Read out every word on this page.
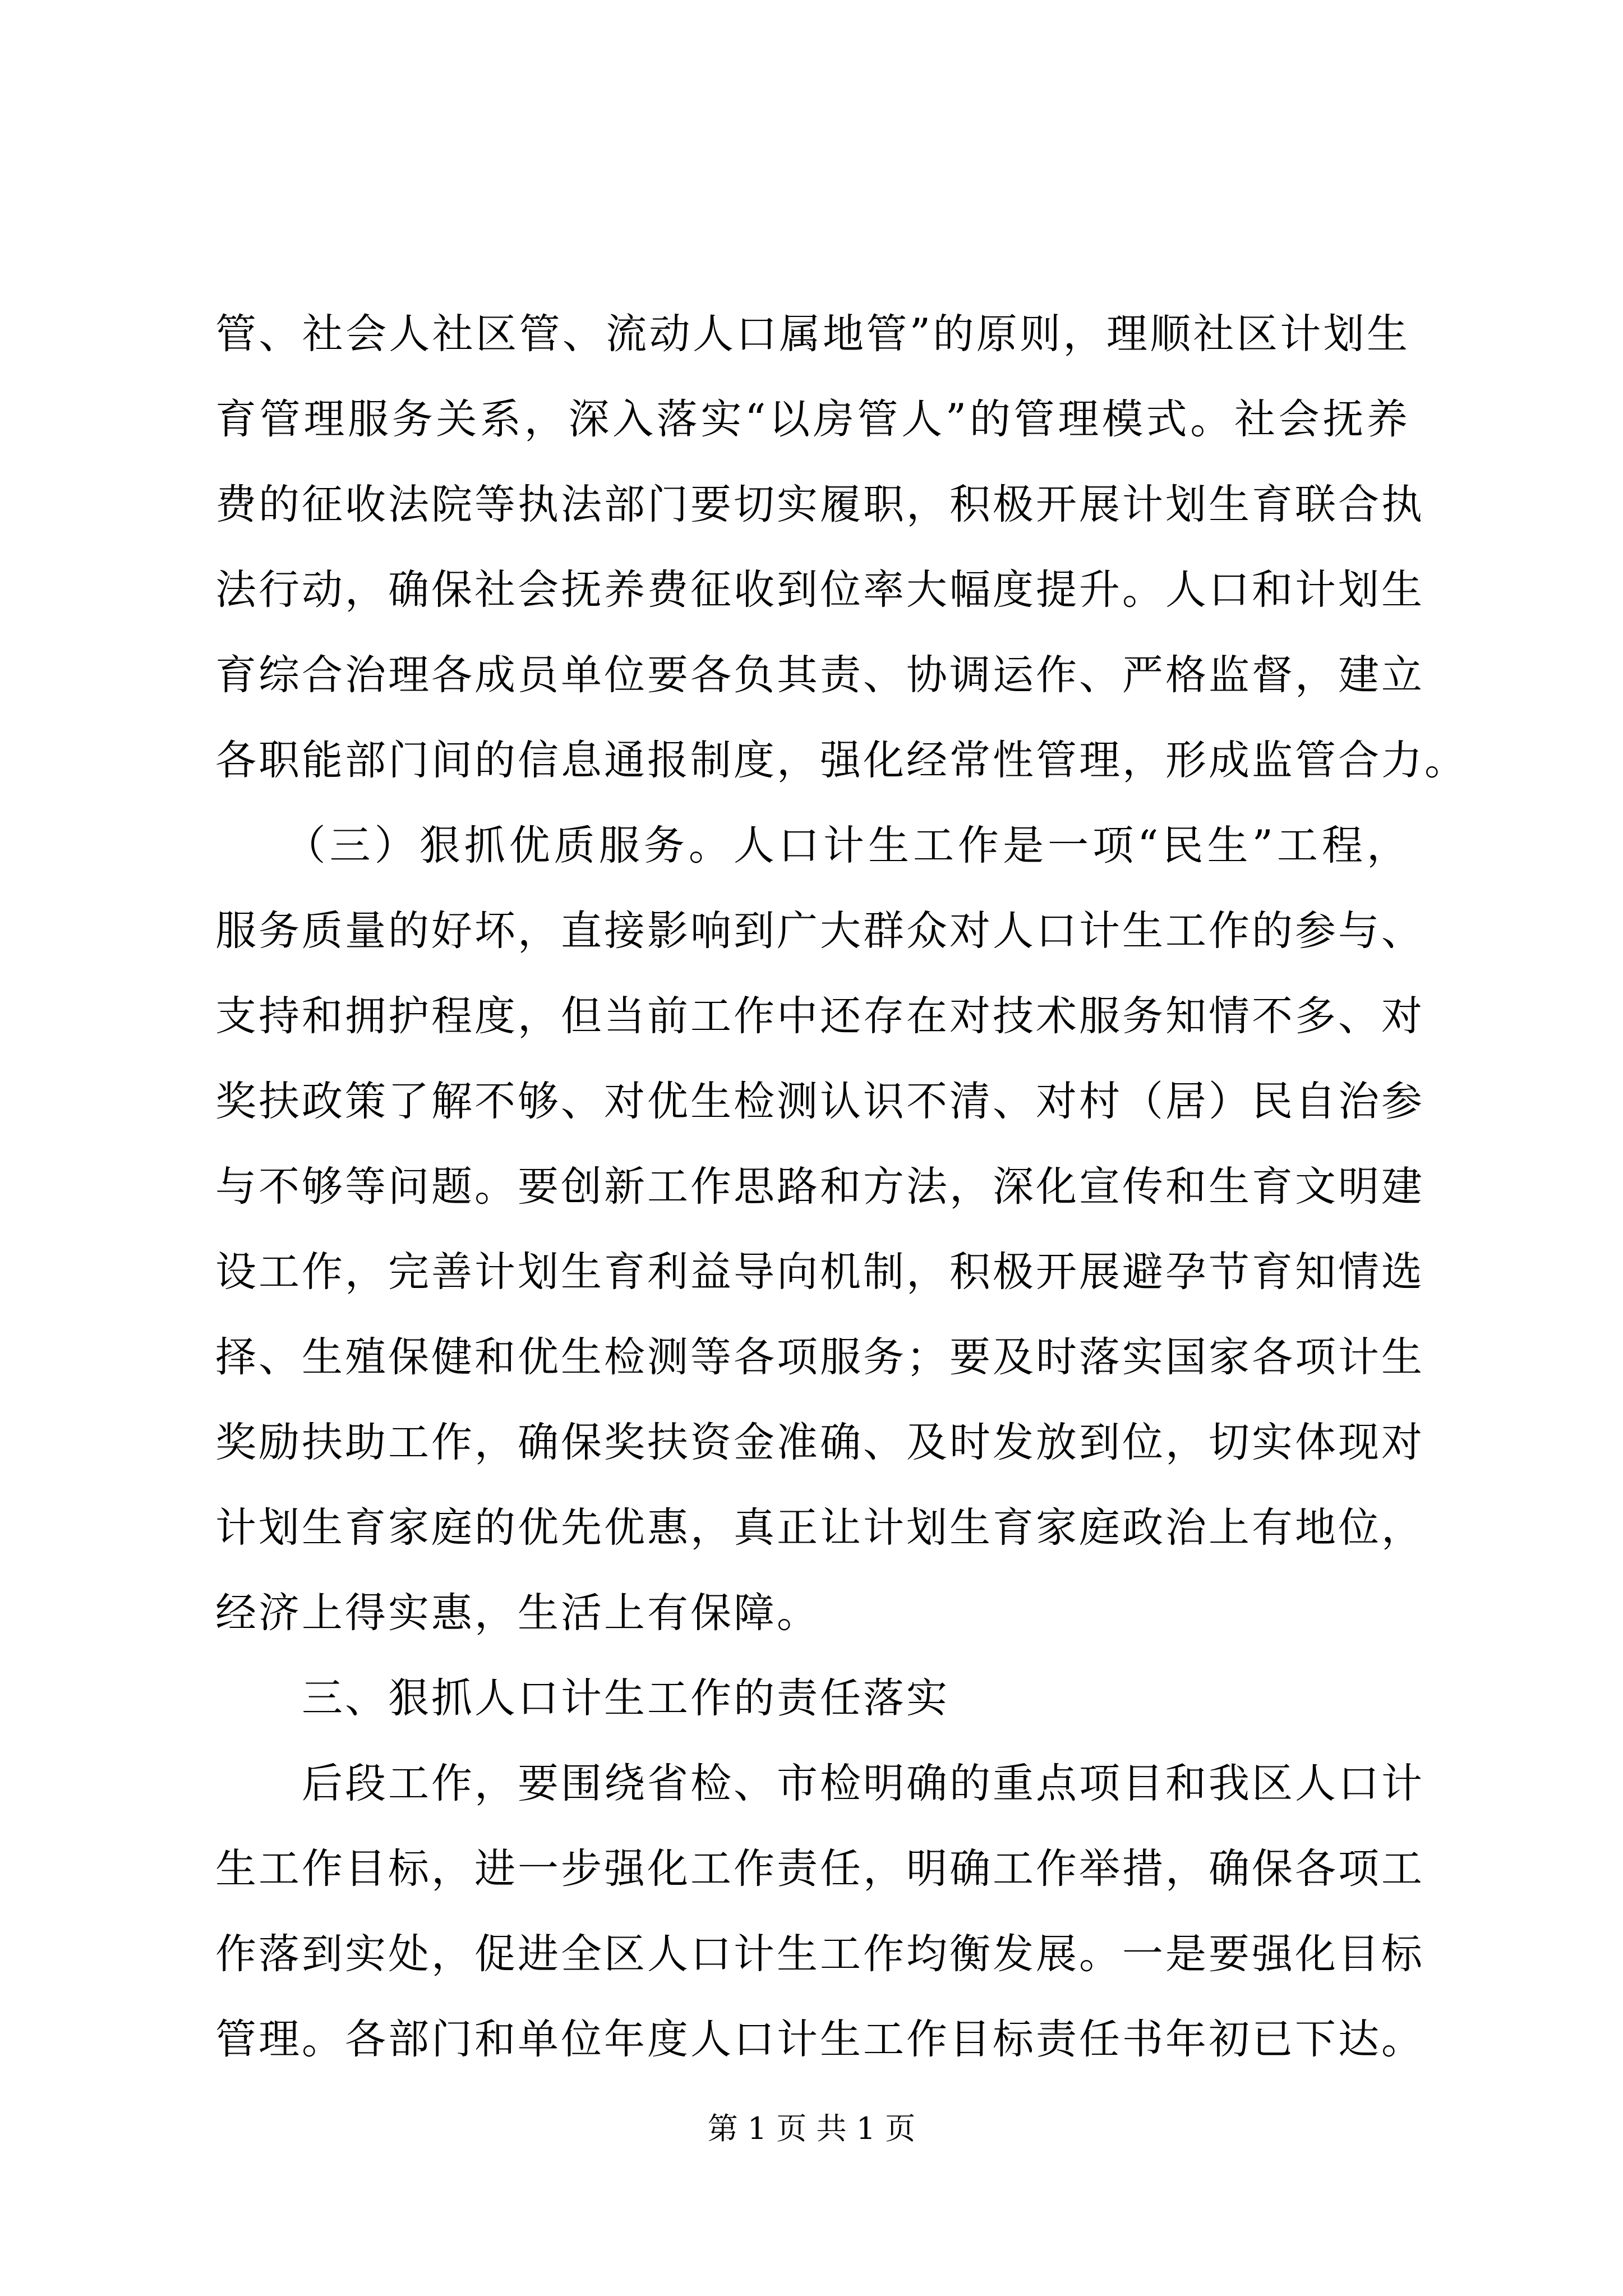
管、社会人社区管、流动人口属地管”的原则，理顺社区计划生
育管理服务关系，深入落实“以房管人”的管理模式。社会抚养
费的征收法院等执法部门要切实履职，积极开展计划生育联合执
法行动，确保社会抚养费征收到位率大幅度提升。人口和计划生
育综合治理各成员单位要各负其责、协调运作、严格监督，建立
各职能部门间的信息通报制度，强化经常性管理，形成监管合力。
　　（三）狠抓优质服务。人口计生工作是一项“民生”工程，
服务质量的好坏，直接影响到广大群众对人口计生工作的参与、
支持和拥护程度，但当前工作中还存在对技术服务知情不多、对
奖扶政策了解不够、对优生检测认识不清、对村（居）民自治参
与不够等问题。要创新工作思路和方法，深化宣传和生育文明建
设工作，完善计划生育利益导向机制，积极开展避孕节育知情选
择、生殖保健和优生检测等各项服务；要及时落实国家各项计生
奖励扶助工作，确保奖扶资金准确、及时发放到位，切实体现对
计划生育家庭的优先优惠，真正让计划生育家庭政治上有地位，
经济上得实惠，生活上有保障。
　　三、狠抓人口计生工作的责任落实
　　后段工作，要围绕省检、市检明确的重点项目和我区人口计
生工作目标，进一步强化工作责任，明确工作举措，确保各项工
作落到实处，促进全区人口计生工作均衡发展。一是要强化目标
管理。各部门和单位年度人口计生工作目标责任书年初已下达。
第 1 页 共 1 页
